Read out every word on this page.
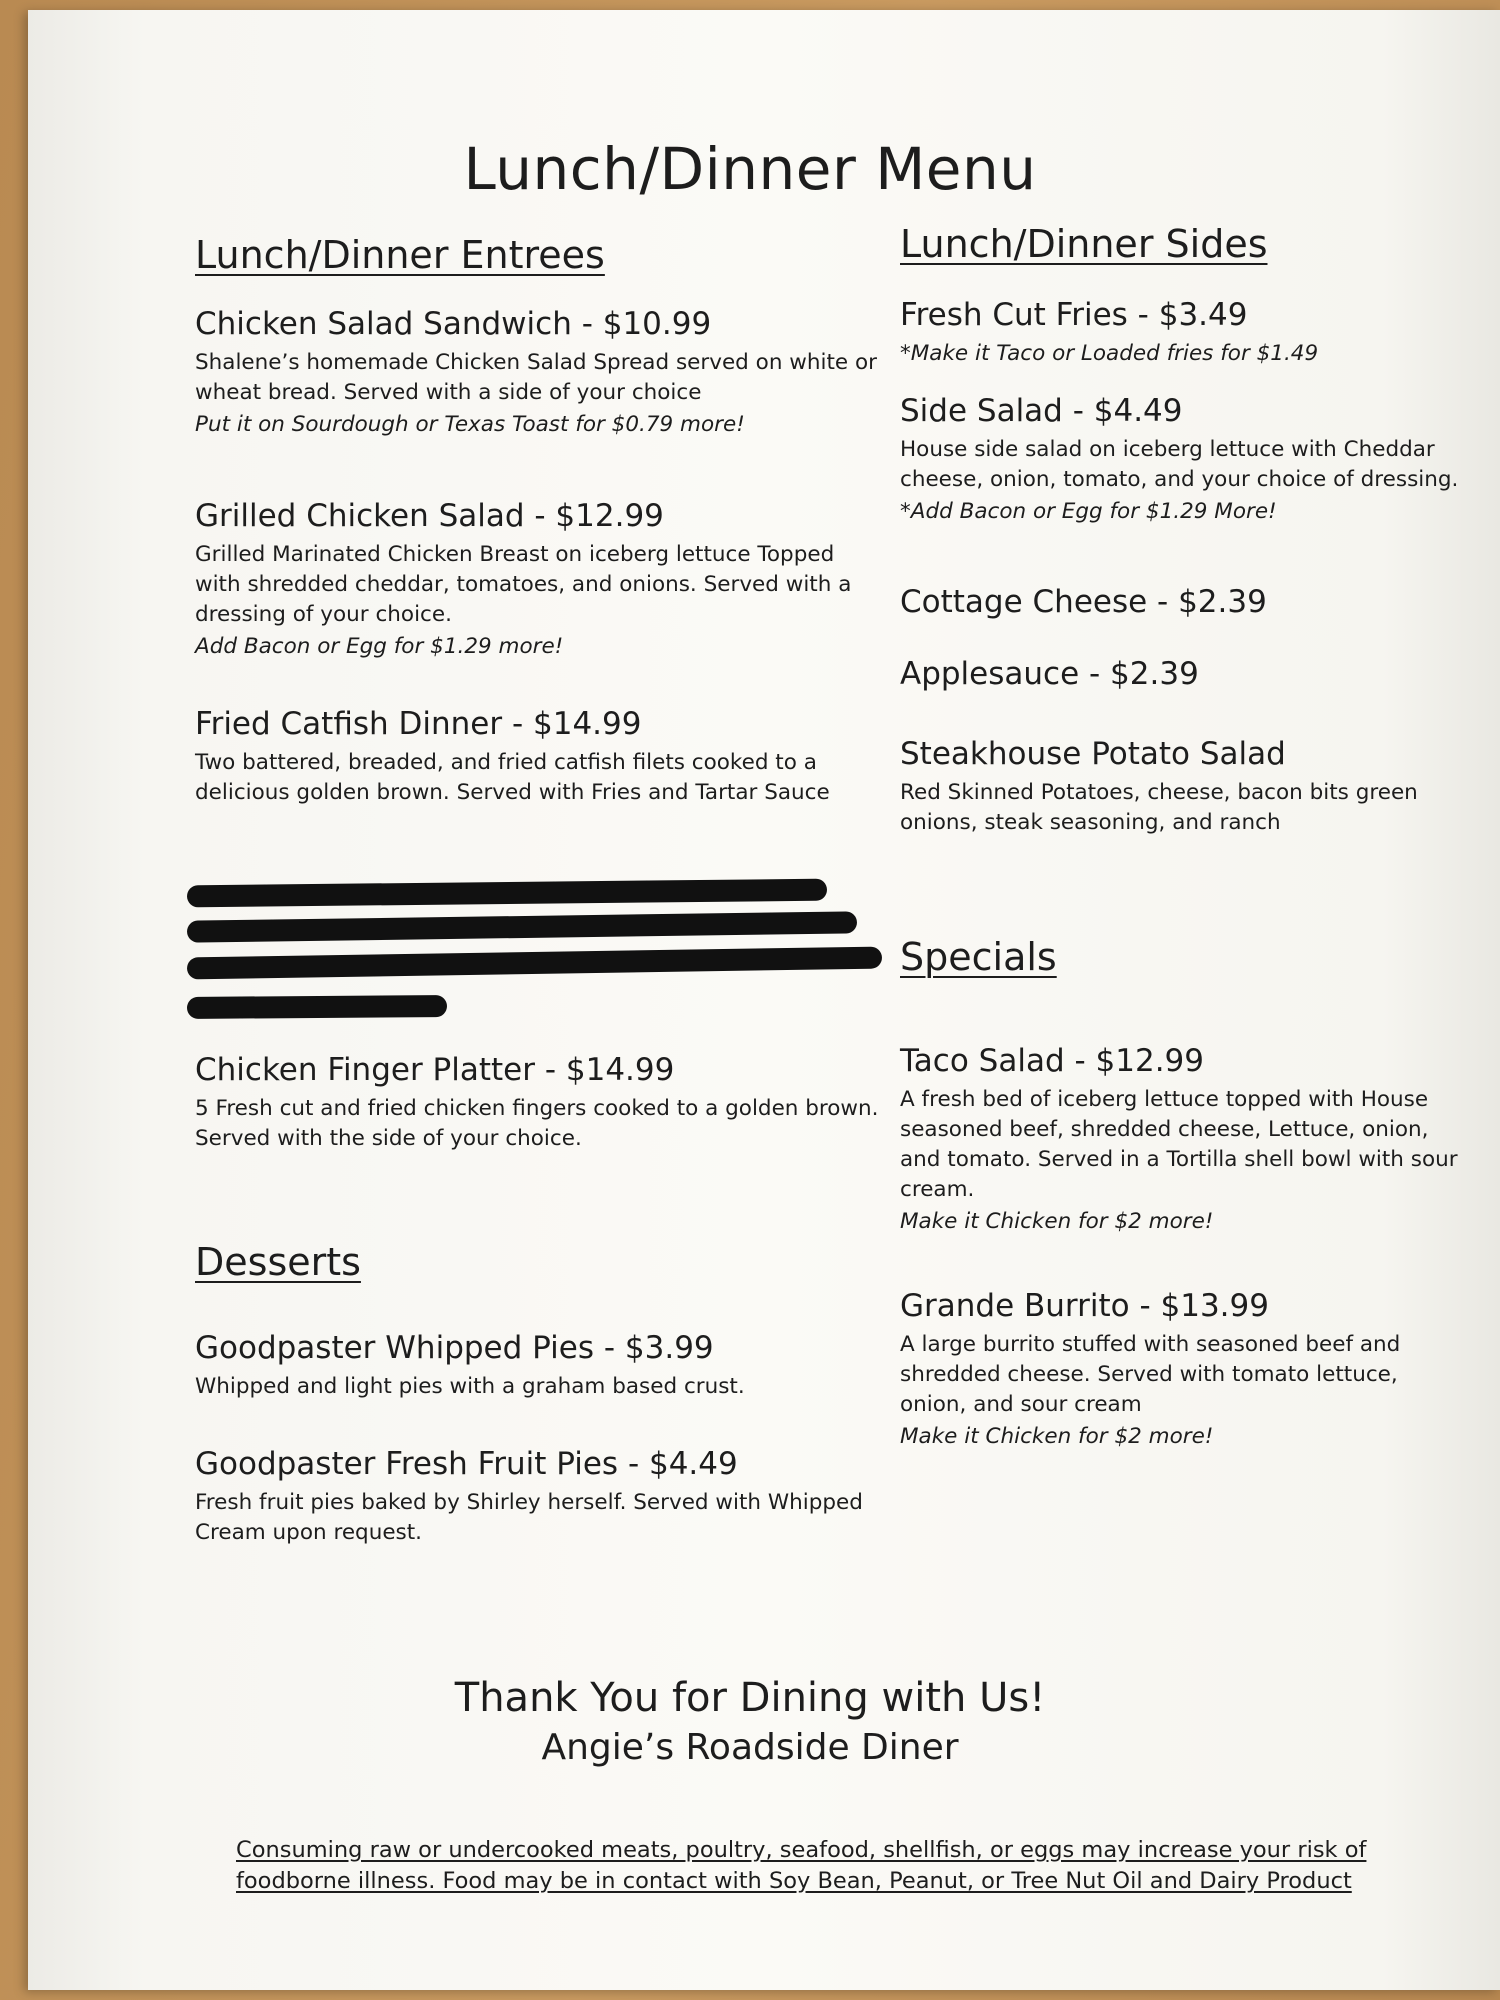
Lunch/Dinner Menu
Lunch/Dinner Entrees
Chicken Salad Sandwich - $10.99
Shalene’s homemade Chicken Salad Spread served on white or wheat bread. Served with a side of your choice
Put it on Sourdough or Texas Toast for $0.79 more!
Grilled Chicken Salad - $12.99
Grilled Marinated Chicken Breast on iceberg lettuce Topped with shredded cheddar, tomatoes, and onions. Served with a dressing of your choice.
Add Bacon or Egg for $1.29 more!
Fried Catfish Dinner - $14.99
Two battered, breaded, and fried catfish filets cooked to a delicious golden brown. Served with Fries and Tartar Sauce
Chicken Finger Platter - $14.99
5 Fresh cut and fried chicken fingers cooked to a golden brown. Served with the side of your choice.
Desserts
Goodpaster Whipped Pies - $3.99
Whipped and light pies with a graham based crust.
Goodpaster Fresh Fruit Pies - $4.49
Fresh fruit pies baked by Shirley herself. Served with Whipped Cream upon request.
Lunch/Dinner Sides
Fresh Cut Fries - $3.49
*Make it Taco or Loaded fries for $1.49
Side Salad - $4.49
House side salad on iceberg lettuce with Cheddar cheese, onion, tomato, and your choice of dressing.
*Add Bacon or Egg for $1.29 More!
Cottage Cheese - $2.39
Applesauce - $2.39
Steakhouse Potato Salad
Red Skinned Potatoes, cheese, bacon bits green onions, steak seasoning, and ranch
Specials
Taco Salad - $12.99
A fresh bed of iceberg lettuce topped with House seasoned beef, shredded cheese, Lettuce, onion, and tomato. Served in a Tortilla shell bowl with sour cream.
Make it Chicken for $2 more!
Grande Burrito - $13.99
A large burrito stuffed with seasoned beef and shredded cheese. Served with tomato lettuce, onion, and sour cream
Make it Chicken for $2 more!
Thank You for Dining with Us!
Angie’s Roadside Diner
Consuming raw or undercooked meats, poultry, seafood, shellfish, or eggs may increase your risk of foodborne illness. Food may be in contact with Soy Bean, Peanut, or Tree Nut Oil and Dairy Product
